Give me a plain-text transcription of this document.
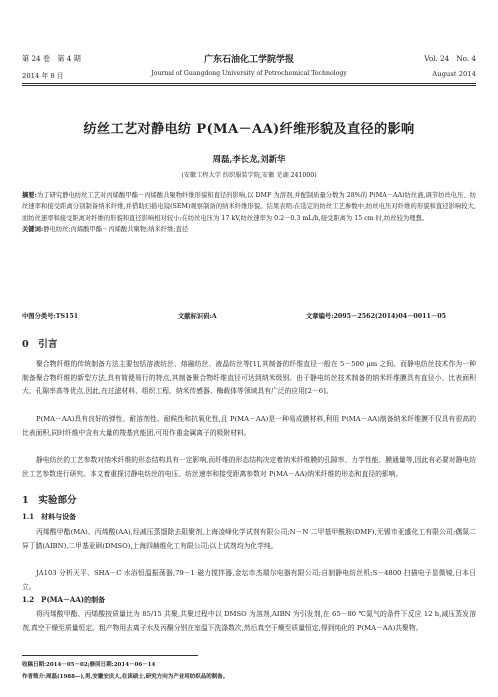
第 24 卷　第 4 期
2014 年 8 月
广东石油化工学院学报
Journal of Guangdong University of Petrochemical Technology
Vol. 24　No. 4
August 2014
纺丝工艺对静电纺 P(MA－AA)纤维形貌及直径的影响
周磊,李长龙,刘新华
(安徽工程大学 纺织服装学院,安徽 芜湖 241000)
摘要:为了研究静电纺丝工艺对丙烯酸甲酯－丙烯酸共聚物纤维形貌和直径的影响,以 DMF 为溶剂,并配制质量分数为 28%的 P(MA－AA)纺丝液,调节纺丝电压、纺丝速率和接受距离分别制备纳米纤维,并借助扫描电镜(SEM)观察制备的纳米纤维形貌。结果表明:在选定的纺丝工艺参数中,纺丝电压对纤维的形貌和直径影响较大,而纺丝速率和接受距离对纤维的形貌和直径影响相对较小;在纺丝电压为 17 kV,纺丝速率为 0.2－0.3 mL/h,接受距离为 15 cm 时,纺丝较为理想。
关键词:静电纺丝;丙烯酸甲酯－丙烯酸共聚物;纳米纤维;直径
中图分类号:TS151	文献标识码:A	文章编号:2095－2562(2014)04－0011－05
0　引言
聚合物纤维的传统制备方法主要包括溶液纺丝、熔融纺丝、液晶纺丝等[1],其制备的纤维直径一般在 5－500 μm 之间。而静电纺丝技术作为一种制备聚合物纤维的新型方法,具有简便易行的特点,其制备聚合物纤维直径可达到纳米级别。由于静电纺丝技术制备的纳米纤维膜具有直径小、比表面积大、孔隙率高等优点,因此,在过滤材料、组织工程、纳米传感器、酶载体等领域具有广泛的应用[2－6]。
P(MA－AA)具有良好的弹性、耐溶剂性、耐候性和抗氧化性,且 P(MA－AA)是一种易成膜材料,利用 P(MA－AA)制备纳米纤维膜不仅具有很高的比表面积,同时纤维中含有大量的羧基官能团,可用作重金属离子的吸附材料。
静电纺丝的工艺参数对纳米纤维的形态结构具有一定影响,而纤维的形态结构决定着纳米纤维膜的孔隙率、力学性能、膜通量等,因此有必要对静电纺丝工艺参数进行研究。本文着重探讨静电纺丝的电压、纺丝速率和接受距离参数对 P(MA－AA)纳米纤维的形态和直径的影响。
1　实验部分
1.1　材料与设备
丙烯酸甲酯(MA)、丙烯酸(AA),经减压蒸馏除去阻聚剂,上海凌峰化学试剂有限公司;N－N 二甲基甲酰胺(DMF),无锡市亚盛化工有限公司;偶氮二异丁腈(AIBN),二甲基亚砜(DMSO),上海四赫维化工有限公司;以上试剂均为化学纯。
JA103 分析天平、SHA－C 水浴恒温振荡器,79－1 磁力搅拌器,金坛市杰瑞尔电器有限公司;自制静电纺丝机;S－4800 扫描电子显微镜,日本日立。
1.2　P(MA－AA)的制备
将丙烯酸甲酯、丙烯酸按质量比为 85/15 共聚,共聚过程中以 DMSO 为溶剂,AIBN 为引发剂,在 65－80 ℃氮气的条件下反应 12 h,减压蒸发溶剂,真空干燥至质量恒定。粗产物用去离子水及丙酮分别在室温下洗涤数次,然后真空干燥至质量恒定,得到纯化的 P(MA－AA)共聚物。
收稿日期:2014－05－02;修回日期:2014－06－14
作者简介:周磊(1988—),男,安徽安庆人,在读硕士,研究方向为产业用纺织品的制备。
